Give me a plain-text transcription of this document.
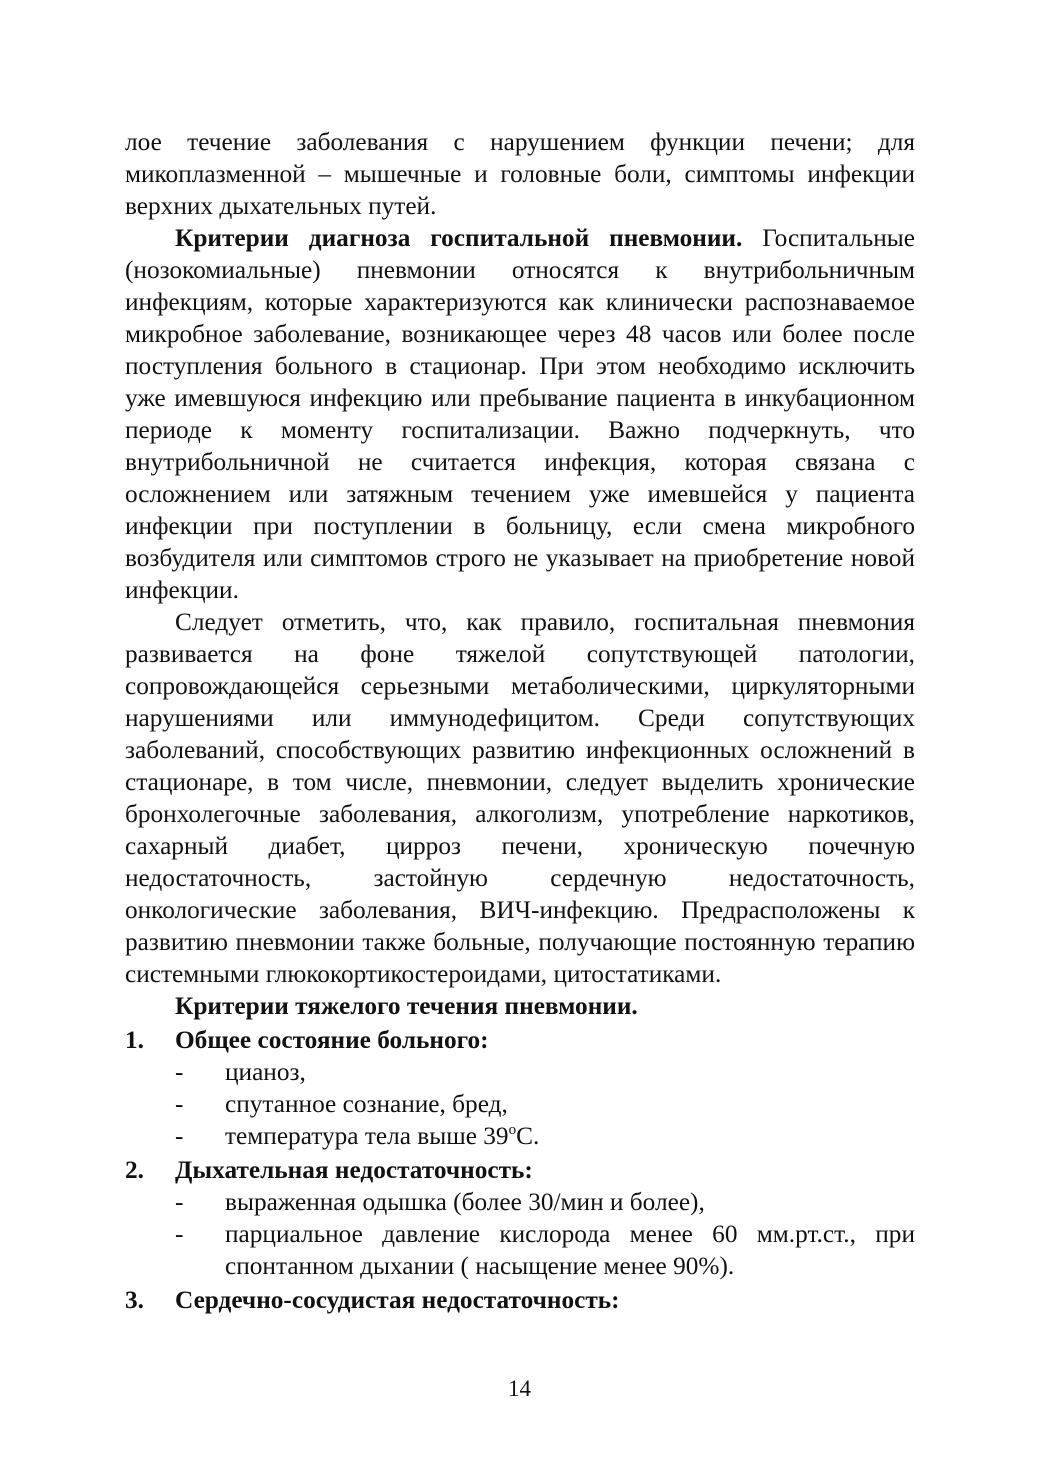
лое течение заболевания с нарушением функции печени; для микоплазменной – мышечные и головные боли, симптомы инфекции верхних дыхательных путей.

Критерии диагноза госпитальной пневмонии. Госпитальные (нозокомиальные) пневмонии относятся к внутрибольничным инфекциям, которые характеризуются как клинически распознаваемое микробное заболевание, возникающее через 48 часов или более после поступления больного в стационар. При этом необходимо исключить уже имевшуюся инфекцию или пребывание пациента в инкубационном периоде к моменту госпитализации. Важно подчеркнуть, что внутрибольничной не считается инфекция, которая связана с осложнением или затяжным течением уже имевшейся у пациента инфекции при поступлении в больницу, если смена микробного возбудителя или симптомов строго не указывает на приобретение новой инфекции.

Следует отметить, что, как правило, госпитальная пневмония развивается на фоне тяжелой сопутствующей патологии, сопровождающейся серьезными метаболическими, циркуляторными нарушениями или иммунодефицитом. Среди сопутствующих заболеваний, способствующих развитию инфекционных осложнений в стационаре, в том числе, пневмонии, следует выделить хронические бронхолегочные заболевания, алкоголизм, употребление наркотиков, сахарный диабет, цирроз печени, хроническую почечную недостаточность, застойную сердечную недостаточность, онкологические заболевания, ВИЧ-инфекцию. Предрасположены к развитию пневмонии также больные, получающие постоянную терапию системными глюкокортикостероидами, цитостатиками.

Критерии тяжелого течения пневмонии.

1.	Общее состояние больного:
-	цианоз,
-	спутанное сознание, бред,
-	температура тела выше $39^оС$.
2.	Дыхательная недостаточность:
-	выраженная одышка (более 30/мин и более),
-	парциальное давление кислорода менее 60 мм.рт.ст., при спонтанном дыхании ( насыщение менее 90%).
3.	Сердечно-сосудистая недостаточность:
14
